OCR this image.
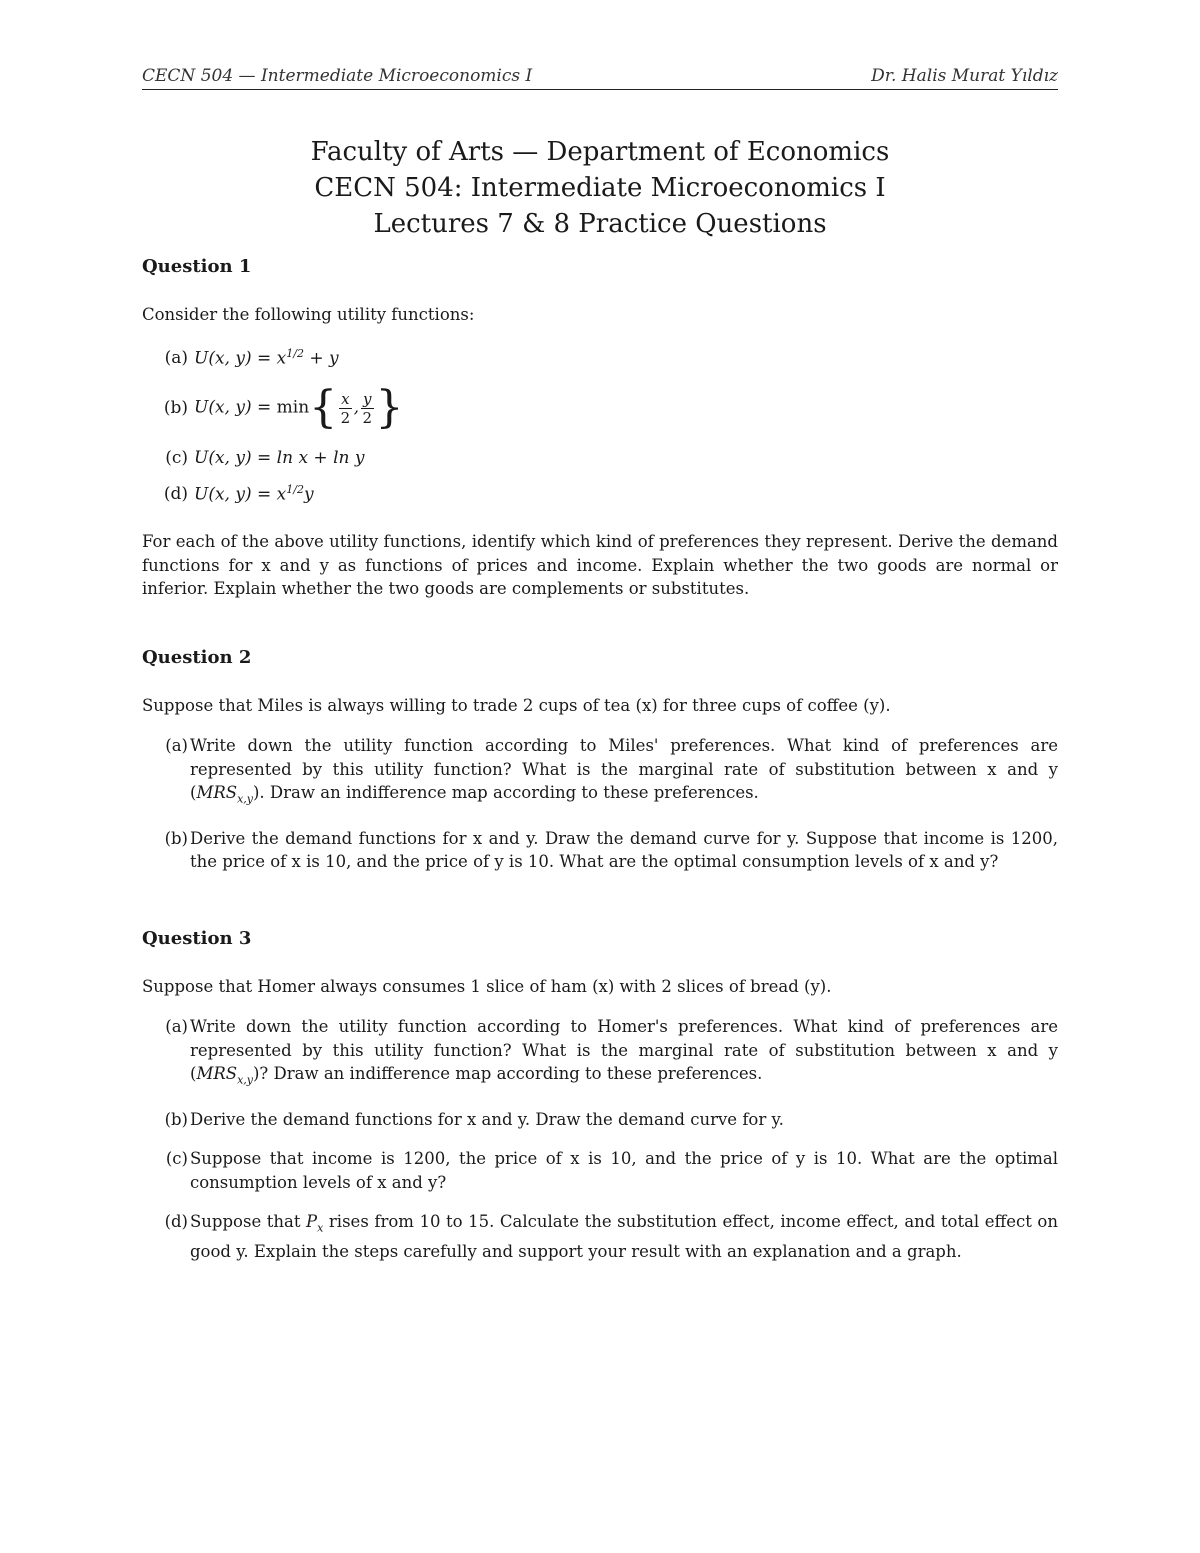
CECN 504 — Intermediate Microeconomics I	Dr. Halis Murat Yıldız
Faculty of Arts — Department of Economics
CECN 504: Intermediate Microeconomics I
Lectures 7 & 8 Practice Questions
Question 1
Consider the following utility functions:
(a) U(x, $y) = x^{1/2} + y$
(b) U(x, $y) = \min\{ \frac{x}{2}$ , $\frac{y}{2}$ }
(c) U(x, y) = ln x + ln y
(d) U(x, $y) = x^{1/2}y$
For each of the above utility functions, identify which kind of preferences they represent. Derive the demand functions for x and y as functions of prices and income. Explain whether the two goods are normal or inferior. Explain whether the two goods are complements or substitutes.
Question 2
Suppose that Miles is always willing to trade 2 cups of tea (x) for three cups of coffee (y).
(a) Write down the utility function according to Miles' preferences. What kind of preferences are represented by this utility function? What is the marginal rate of substitution between x and y $(MRS_{x,y})$. Draw an indifference map according to these preferences.
(b) Derive the demand functions for x and y. Draw the demand curve for y. Suppose that income is 1200, the price of x is 10, and the price of y is 10. What are the optimal consumption levels of x and y?
Question 3
Suppose that Homer always consumes 1 slice of ham (x) with 2 slices of bread (y).
(a) Write down the utility function according to Homer's preferences. What kind of preferences are represented by this utility function? What is the marginal rate of substitution between x and y $(MRS_{x,y})$? Draw an indifference map according to these preferences.
(b) Derive the demand functions for x and y. Draw the demand curve for y.
(c) Suppose that income is 1200, the price of x is 10, and the price of y is 10. What are the optimal consumption levels of x and y?
(d) Suppose that $P_x$ rises from 10 to 15. Calculate the substitution effect, income effect, and total effect on good y. Explain the steps carefully and support your result with an explanation and a graph.
